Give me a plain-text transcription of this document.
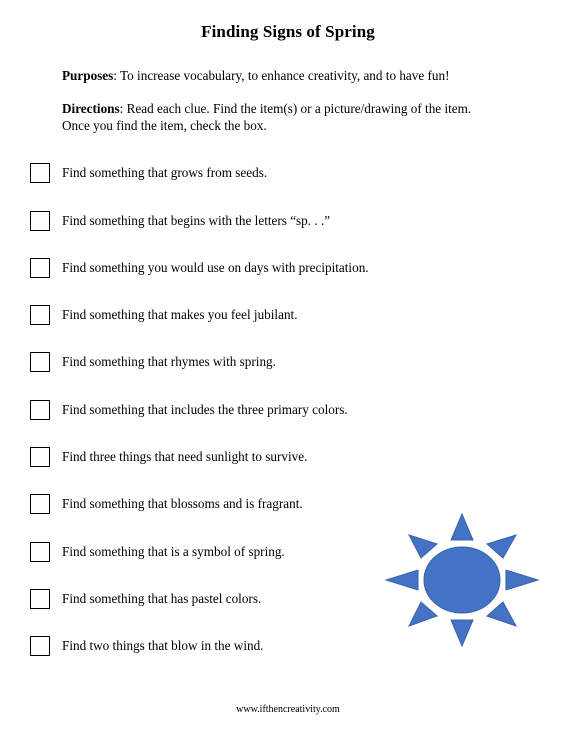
Finding Signs of Spring
Purposes: To increase vocabulary, to enhance creativity, and to have fun!
Directions: Read each clue. Find the item(s) or a picture/drawing of the item.
Once you find the item, check the box.
Find something that grows from seeds.
Find something that begins with the letters “sp. . .”
Find something you would use on days with precipitation.
Find something that makes you feel jubilant.
Find something that rhymes with spring.
Find something that includes the three primary colors.
Find three things that need sunlight to survive.
Find something that blossoms and is fragrant.
Find something that is a symbol of spring.
Find something that has pastel colors.
Find two things that blow in the wind.
www.ifthencreativity.com
